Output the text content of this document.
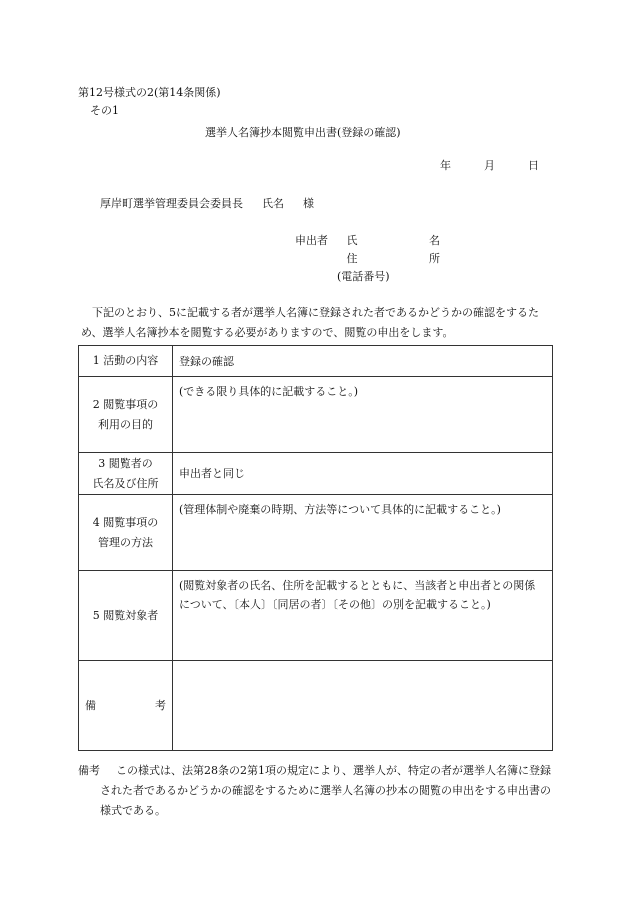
第12号様式の2(第14条関係)
その1
選挙人名簿抄本閲覧申出書(登録の確認)
年	月	日
厚岸町選挙管理委員会委員長 氏名 様
申出者 氏 名
住 所
(電話番号)
下記のとおり、5に記載する者が選挙人名簿に登録された者であるかどうかの確認をするため、選挙人名簿抄本を閲覧する必要がありますので、閲覧の申出をします。
1 活動の内容	登録の確認

2 閲覧事項の
利用の目的	(できる限り具体的に記載すること。)

3 閲覧者の
氏名及び住所	申出者と同じ

4 閲覧事項の
管理の方法	(管理体制や廃棄の時期、方法等について具体的に記載すること。)
5 閲覧対象者	(閲覧対象者の氏名、住所を記載するとともに、当該者と申出者との関係について、〔本人〕〔同居の者〕〔その他〕の別を記載すること。)

備 考	

備考	この様式は、法第28条の2第1項の規定により、選挙人が、特定の者が選挙人名簿に登録された者であるかどうかの確認をするために選挙人名簿の抄本の閲覧の申出をする申出書の様式である。
